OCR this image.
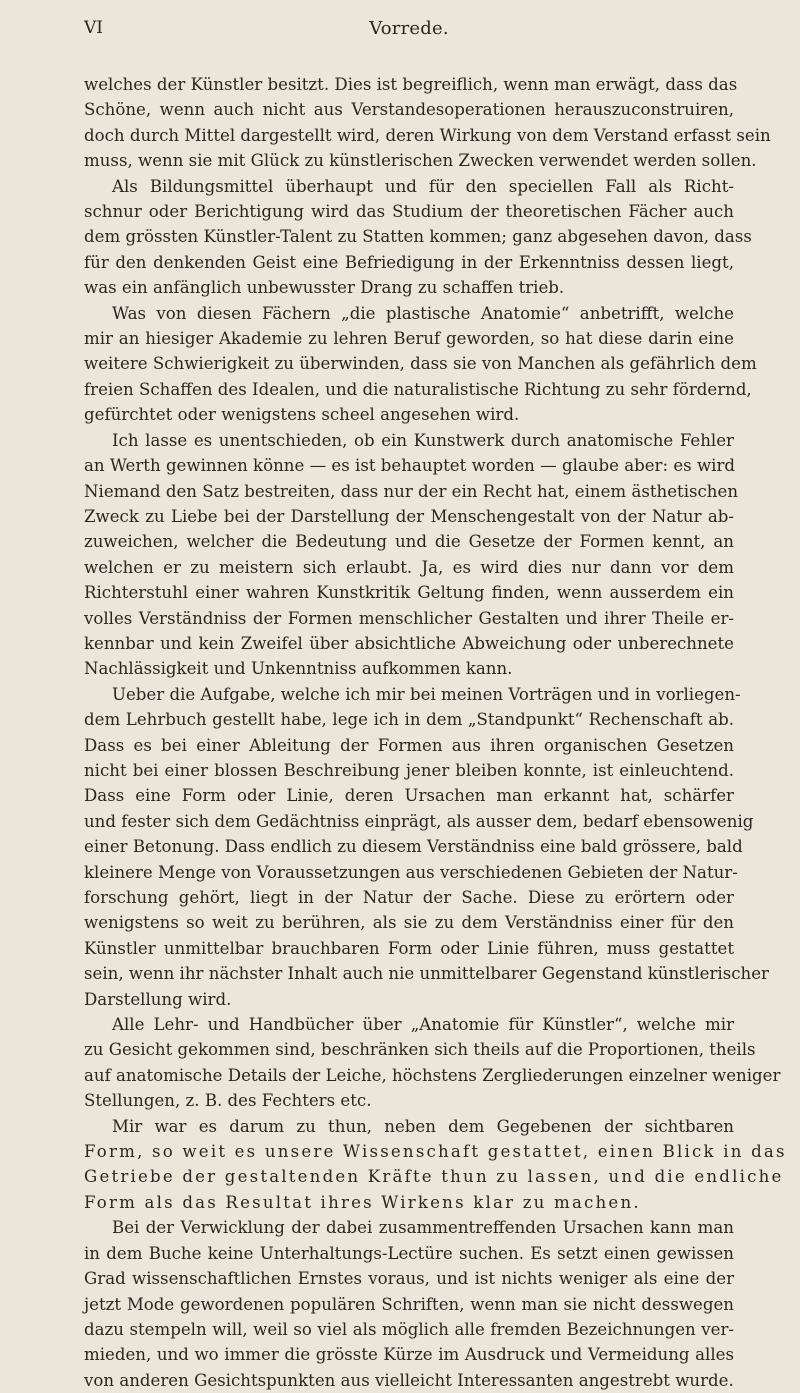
VI	Vorrede.
welches der Künstler besitzt. Dies ist begreiflich, wenn man erwägt, dass das
Schöne, wenn auch nicht aus Verstandesoperationen herauszuconstruiren,
doch durch Mittel dargestellt wird, deren Wirkung von dem Verstand erfasst sein
muss, wenn sie mit Glück zu künstlerischen Zwecken verwendet werden sollen.
Als Bildungsmittel überhaupt und für den speciellen Fall als Richt-
schnur oder Berichtigung wird das Studium der theoretischen Fächer auch
dem grössten Künstler-Talent zu Statten kommen; ganz abgesehen davon, dass
für den denkenden Geist eine Befriedigung in der Erkenntniss dessen liegt,
was ein anfänglich unbewusster Drang zu schaffen trieb.
Was von diesen Fächern „die plastische Anatomie“ anbetrifft, welche
mir an hiesiger Akademie zu lehren Beruf geworden, so hat diese darin eine
weitere Schwierigkeit zu überwinden, dass sie von Manchen als gefährlich dem
freien Schaffen des Idealen, und die naturalistische Richtung zu sehr fördernd,
gefürchtet oder wenigstens scheel angesehen wird.
Ich lasse es unentschieden, ob ein Kunstwerk durch anatomische Fehler
an Werth gewinnen könne — es ist behauptet worden — glaube aber: es wird
Niemand den Satz bestreiten, dass nur der ein Recht hat, einem ästhetischen
Zweck zu Liebe bei der Darstellung der Menschengestalt von der Natur ab-
zuweichen, welcher die Bedeutung und die Gesetze der Formen kennt, an
welchen er zu meistern sich erlaubt. Ja, es wird dies nur dann vor dem
Richterstuhl einer wahren Kunstkritik Geltung finden, wenn ausserdem ein
volles Verständniss der Formen menschlicher Gestalten und ihrer Theile er-
kennbar und kein Zweifel über absichtliche Abweichung oder unberechnete
Nachlässigkeit und Unkenntniss aufkommen kann.
Ueber die Aufgabe, welche ich mir bei meinen Vorträgen und in vorliegen-
dem Lehrbuch gestellt habe, lege ich in dem „Standpunkt“ Rechenschaft ab.
Dass es bei einer Ableitung der Formen aus ihren organischen Gesetzen
nicht bei einer blossen Beschreibung jener bleiben konnte, ist einleuchtend.
Dass eine Form oder Linie, deren Ursachen man erkannt hat, schärfer
und fester sich dem Gedächtniss einprägt, als ausser dem, bedarf ebensowenig
einer Betonung. Dass endlich zu diesem Verständniss eine bald grössere, bald
kleinere Menge von Voraussetzungen aus verschiedenen Gebieten der Natur-
forschung gehört, liegt in der Natur der Sache. Diese zu erörtern oder
wenigstens so weit zu berühren, als sie zu dem Verständniss einer für den
Künstler unmittelbar brauchbaren Form oder Linie führen, muss gestattet
sein, wenn ihr nächster Inhalt auch nie unmittelbarer Gegenstand künstlerischer
Darstellung wird.
Alle Lehr- und Handbücher über „Anatomie für Künstler“, welche mir
zu Gesicht gekommen sind, beschränken sich theils auf die Proportionen, theils
auf anatomische Details der Leiche, höchstens Zergliederungen einzelner weniger
Stellungen, z. B. des Fechters etc.
Mir war es darum zu thun, neben dem Gegebenen der sichtbaren
Form, so weit es unsere Wissenschaft gestattet, einen Blick in das
Getriebe der gestaltenden Kräfte thun zu lassen, und die endliche
Form als das Resultat ihres Wirkens klar zu machen.
Bei der Verwicklung der dabei zusammentreffenden Ursachen kann man
in dem Buche keine Unterhaltungs-Lectüre suchen. Es setzt einen gewissen
Grad wissenschaftlichen Ernstes voraus, und ist nichts weniger als eine der
jetzt Mode gewordenen populären Schriften, wenn man sie nicht desswegen
dazu stempeln will, weil so viel als möglich alle fremden Bezeichnungen ver-
mieden, und wo immer die grösste Kürze im Ausdruck und Vermeidung alles
von anderen Gesichtspunkten aus vielleicht Interessanten angestrebt wurde.
